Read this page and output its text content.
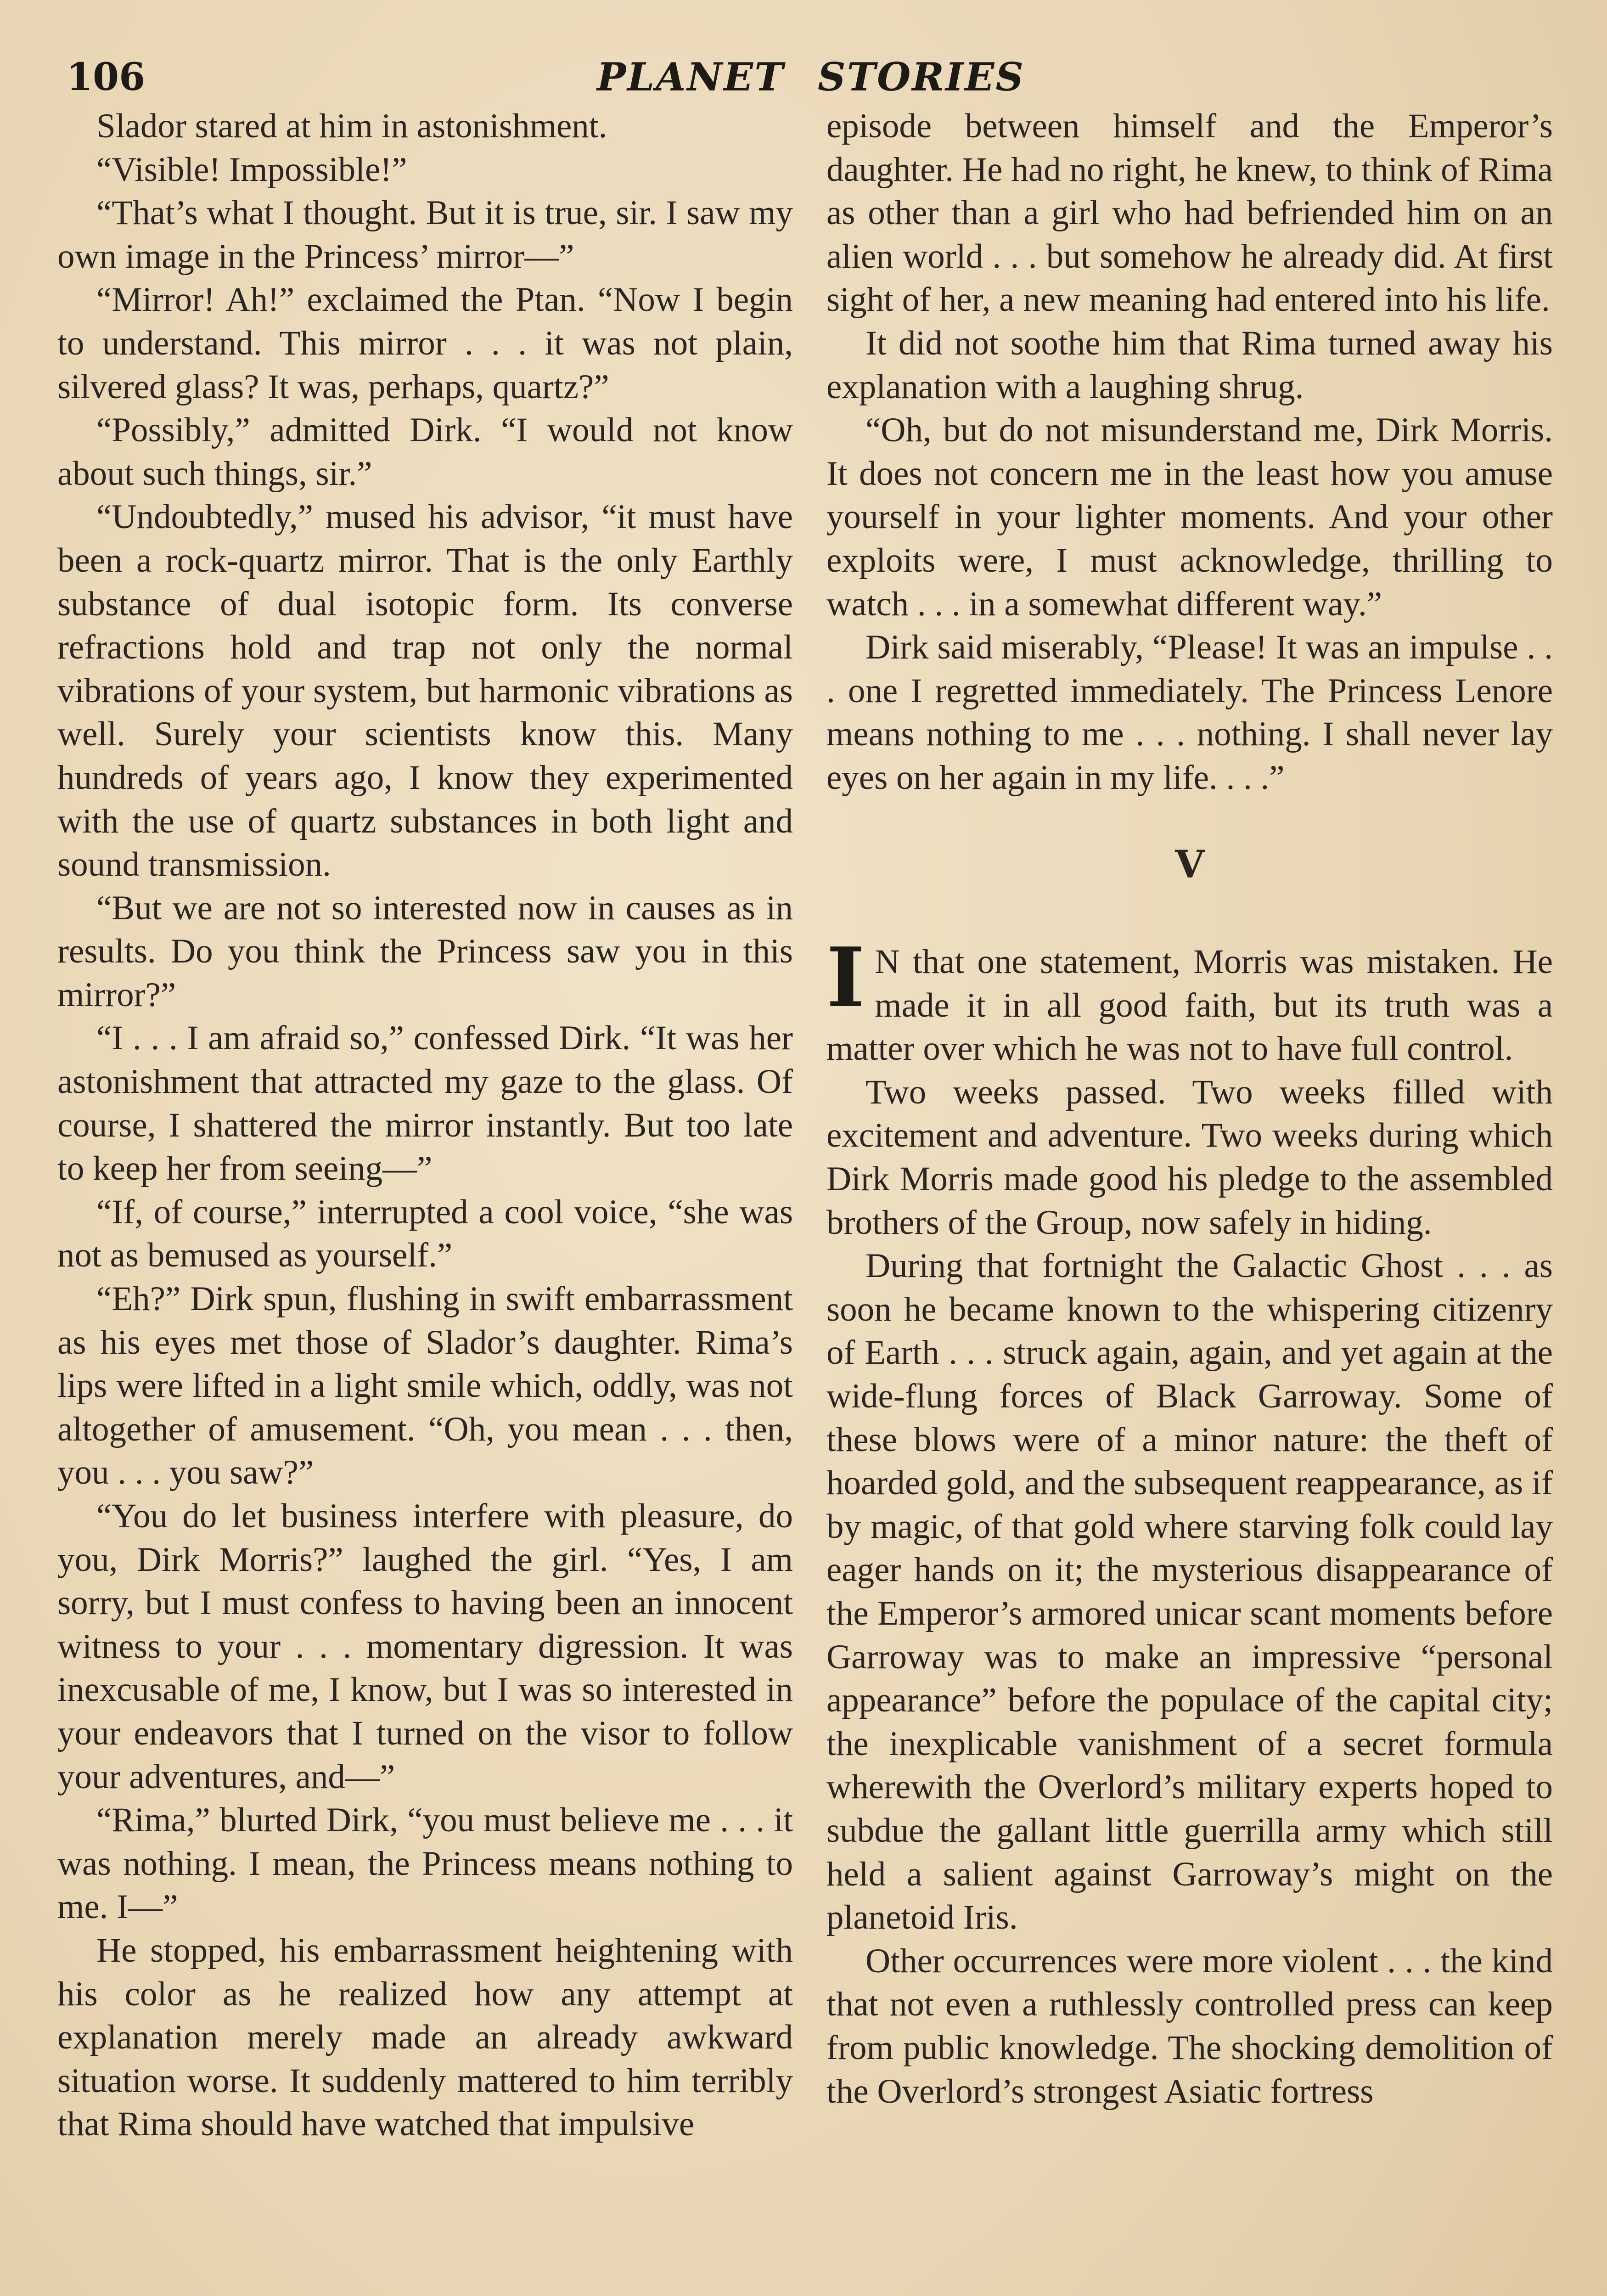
106	PLANET STORIES

Slador stared at him in astonishment.

“Visible! Impossible!”

“That’s what I thought. But it is true, sir. I saw my own image in the Princess’ mirror—”

“Mirror! Ah!” exclaimed the Ptan. “Now I begin to understand. This mirror . . . it was not plain, silvered glass? It was, perhaps, quartz?”

“Possibly,” admitted Dirk. “I would not know about such things, sir.”

“Undoubtedly,” mused his advisor, “it must have been a rock-quartz mirror. That is the only Earthly substance of dual isotopic form. Its converse refractions hold and trap not only the normal vibrations of your system, but harmonic vibrations as well. Surely your scientists know this. Many hundreds of years ago, I know they experimented with the use of quartz substances in both light and sound transmission.

“But we are not so interested now in causes as in results. Do you think the Princess saw you in this mirror?”

“I . . . I am afraid so,” confessed Dirk. “It was her astonishment that attracted my gaze to the glass. Of course, I shattered the mirror instantly. But too late to keep her from seeing—”

“If, of course,” interrupted a cool voice, “she was not as bemused as yourself.”

“Eh?” Dirk spun, flushing in swift embarrassment as his eyes met those of Slador’s daughter. Rima’s lips were lifted in a light smile which, oddly, was not altogether of amusement. “Oh, you mean . . . then, you . . . you saw?”

“You do let business interfere with pleasure, do you, Dirk Morris?” laughed the girl. “Yes, I am sorry, but I must confess to having been an innocent witness to your . . . momentary digression. It was inexcusable of me, I know, but I was so interested in your endeavors that I turned on the visor to follow your adventures, and—”

“Rima,” blurted Dirk, “you must believe me . . . it was nothing. I mean, the Princess means nothing to me. I—”

He stopped, his embarrassment heightening with his color as he realized how any attempt at explanation merely made an already awkward situation worse. It suddenly mattered to him terribly that Rima should have watched that impulsive

episode between himself and the Emperor’s daughter. He had no right, he knew, to think of Rima as other than a girl who had befriended him on an alien world . . . but somehow he already did. At first sight of her, a new meaning had entered into his life.

It did not soothe him that Rima turned away his explanation with a laughing shrug.

“Oh, but do not misunderstand me, Dirk Morris. It does not concern me in the least how you amuse yourself in your lighter moments. And your other exploits were, I must acknowledge, thrilling to watch . . . in a somewhat different way.”

Dirk said miserably, “Please! It was an impulse . . . one I regretted immediately. The Princess Lenore means nothing to me . . . nothing. I shall never lay eyes on her again in my life. . . .”

V

I N that one statement, Morris was mistaken. He made it in all good faith, but its truth was a matter over which he was not to have full control.

Two weeks passed. Two weeks filled with excitement and adventure. Two weeks during which Dirk Morris made good his pledge to the assembled brothers of the Group, now safely in hiding.

During that fortnight the Galactic Ghost . . . as soon he became known to the whispering citizenry of Earth . . . struck again, again, and yet again at the wide-flung forces of Black Garroway. Some of these blows were of a minor nature: the theft of hoarded gold, and the subsequent reappearance, as if by magic, of that gold where starving folk could lay eager hands on it; the mysterious disappearance of the Emperor’s armored unicar scant moments before Garroway was to make an impressive “personal appearance” before the populace of the capital city; the inexplicable vanishment of a secret formula wherewith the Overlord’s military experts hoped to subdue the gallant little guerrilla army which still held a salient against Garroway’s might on the planetoid Iris.

Other occurrences were more violent . . . the kind that not even a ruthlessly controlled press can keep from public knowledge. The shocking demolition of the Overlord’s strongest Asiatic fortress
